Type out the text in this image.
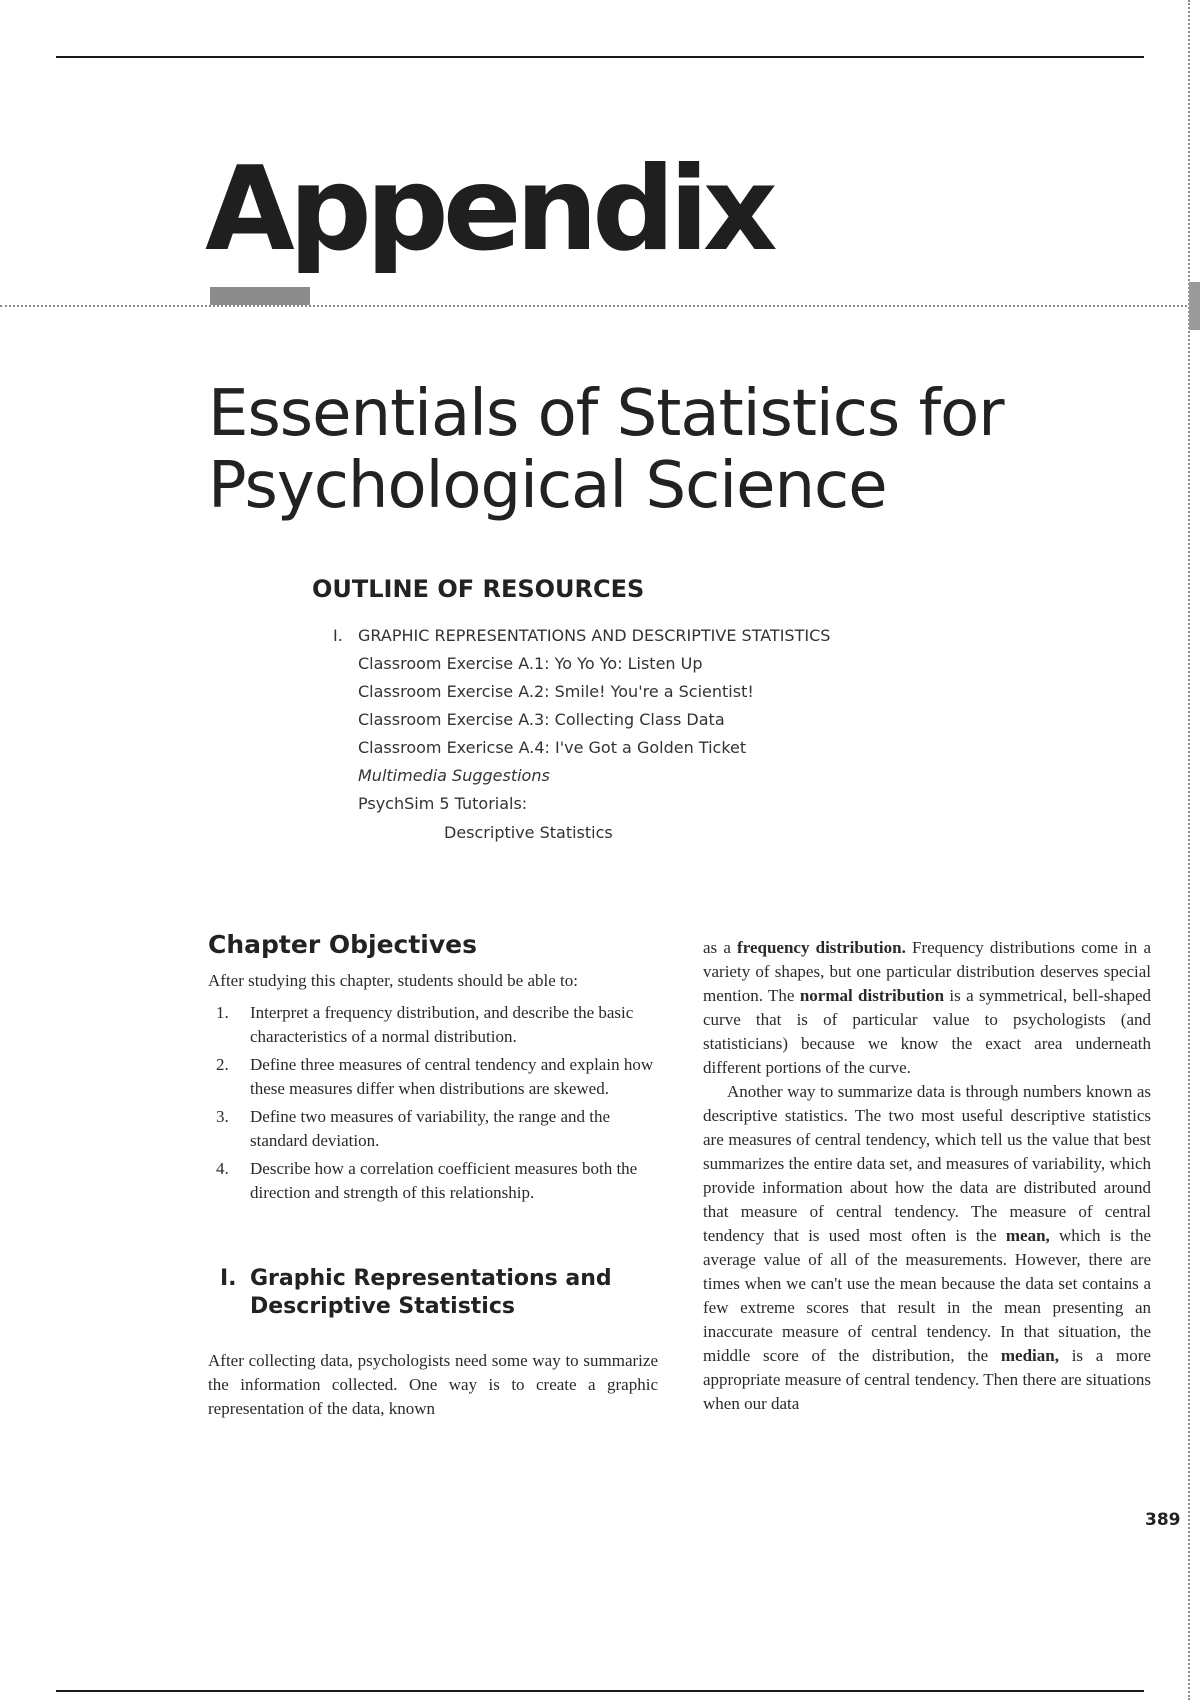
Appendix
Essentials of Statistics for
Psychological Science
OUTLINE OF RESOURCES
I. GRAPHIC REPRESENTATIONS AND DESCRIPTIVE STATISTICS
Classroom Exercise A.1: Yo Yo Yo: Listen Up
Classroom Exercise A.2: Smile! You're a Scientist!
Classroom Exercise A.3: Collecting Class Data
Classroom Exericse A.4: I've Got a Golden Ticket
Multimedia Suggestions
PsychSim 5 Tutorials:
Descriptive Statistics
Chapter Objectives

After studying this chapter, students should be able to:

1. Interpret a frequency distribution, and describe the basic characteristics of a normal distribution.
2. Define three measures of central tendency and explain how these measures differ when distributions are skewed.
3. Define two measures of variability, the range and the standard deviation.
4. Describe how a correlation coefficient measures both the direction and strength of this relationship.
I. Graphic Representations and
Descriptive Statistics

After collecting data, psychologists need some way to summarize the information collected. One way is to create a graphic representation of the data, known

as a frequency distribution. Frequency distributions come in a variety of shapes, but one particular distribution deserves special mention. The normal distribution is a symmetrical, bell-shaped curve that is of particular value to psychologists (and statisticians) because we know the exact area underneath different portions of the curve.

Another way to summarize data is through numbers known as descriptive statistics. The two most useful descriptive statistics are measures of central tendency, which tell us the value that best summarizes the entire data set, and measures of variability, which provide information about how the data are distributed around that measure of central tendency. The measure of central tendency that is used most often is the mean, which is the average value of all of the measurements. However, there are times when we can't use the mean because the data set contains a few extreme scores that result in the mean presenting an inaccurate measure of central tendency. In that situation, the middle score of the distribution, the median, is a more appropriate measure of central tendency. Then there are situations when our data

389
